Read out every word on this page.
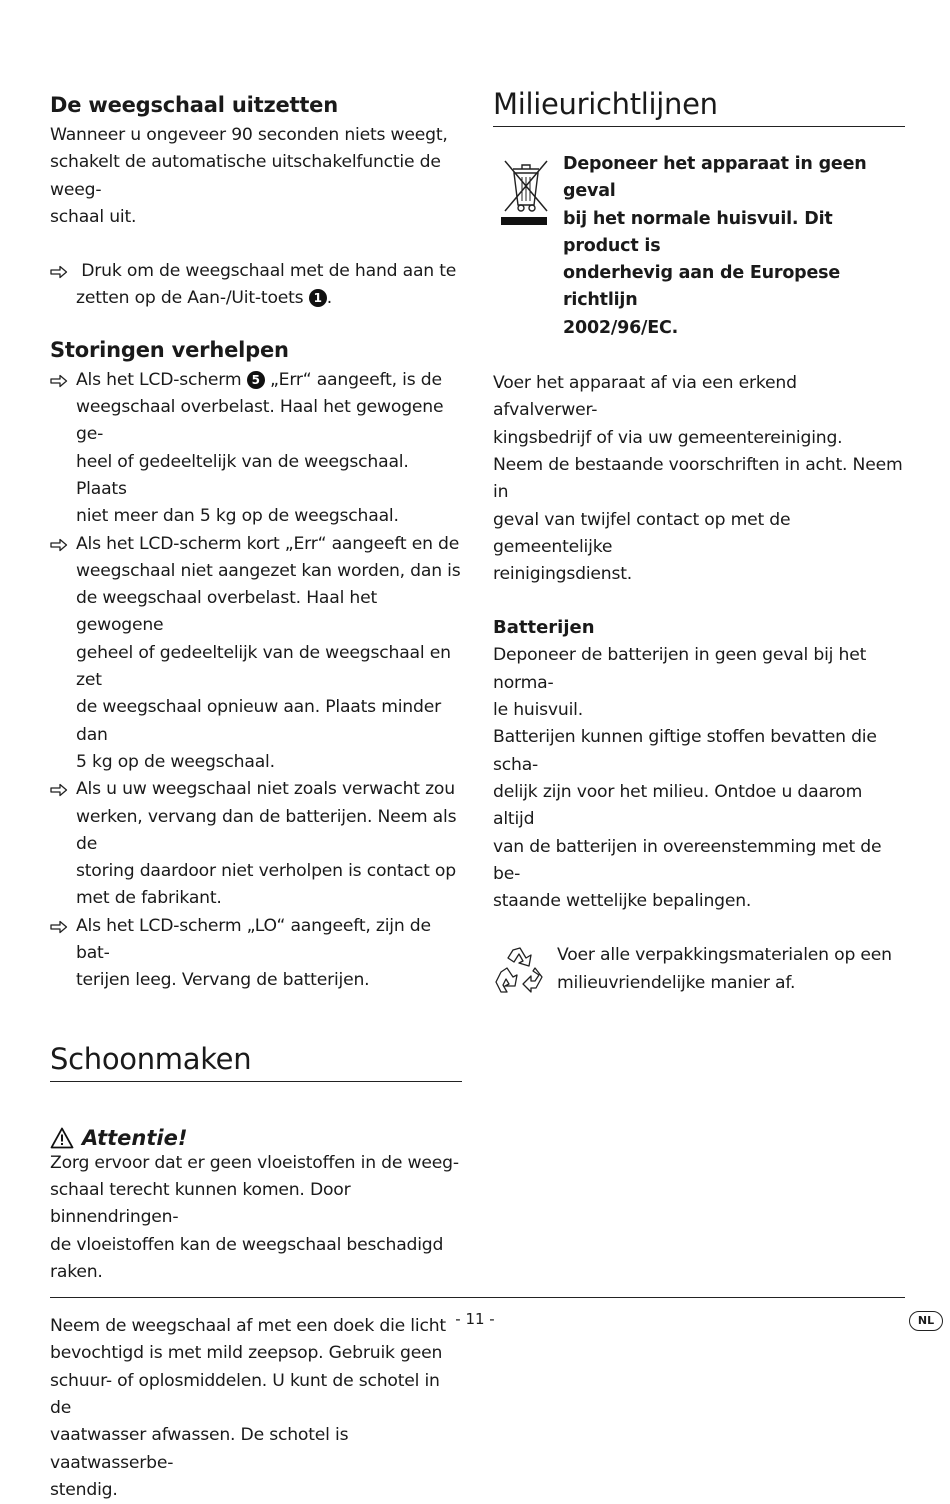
De weegschaal uitzetten

Wanneer u ongeveer 90 seconden niets weegt,
schakelt de automatische uitschakelfunctie de weeg-
schaal uit.

Druk om de weegschaal met de hand aan te
zetten op de Aan-/Uit-toets 1 .

Storingen verhelpen

Als het LCD-scherm 5 „Err“ aangeeft, is de
weegschaal overbelast. Haal het gewogene ge-
heel of gedeeltelijk van de weegschaal. Plaats
niet meer dan 5 kg op de weegschaal.

Als het LCD-scherm kort „Err“ aangeeft en de
weegschaal niet aangezet kan worden, dan is
de weegschaal overbelast. Haal het gewogene
geheel of gedeeltelijk van de weegschaal en zet
de weegschaal opnieuw aan. Plaats minder dan
5 kg op de weegschaal.

Als u uw weegschaal niet zoals verwacht zou
werken, vervang dan de batterijen. Neem als de
storing daardoor niet verholpen is contact op
met de fabrikant.

Als het LCD-scherm „LO“ aangeeft, zijn de bat-
terijen leeg. Vervang de batterijen.

Schoonmaken
Attentie!

Zorg ervoor dat er geen vloeistoffen in de weeg-
schaal terecht kunnen komen. Door binnendringen-
de vloeistoffen kan de weegschaal beschadigd
raken.

Neem de weegschaal af met een doek die licht
bevochtigd is met mild zeepsop. Gebruik geen
schuur- of oplosmiddelen. U kunt de schotel in de
vaatwasser afwassen. De schotel is vaatwasserbe-
stendig.

Milieurichtlijnen

Deponeer het apparaat in geen geval
bij het normale huisvuil. Dit product is
onderhevig aan de Europese richtlijn
2002/96/EC.

Voer het apparaat af via een erkend afvalverwer-
kingsbedrijf of via uw gemeentereiniging.
Neem de bestaande voorschriften in acht. Neem in
geval van twijfel contact op met de gemeentelijke
reinigingsdienst.

Batterijen

Deponeer de batterijen in geen geval bij het norma-
le huisvuil.
Batterijen kunnen giftige stoffen bevatten die scha-
delijk zijn voor het milieu. Ontdoe u daarom altijd
van de batterijen in overeenstemming met de be-
staande wettelijke bepalingen.

Voer alle verpakkingsmaterialen op een
milieuvriendelijke manier af.

- 11 -	NL
